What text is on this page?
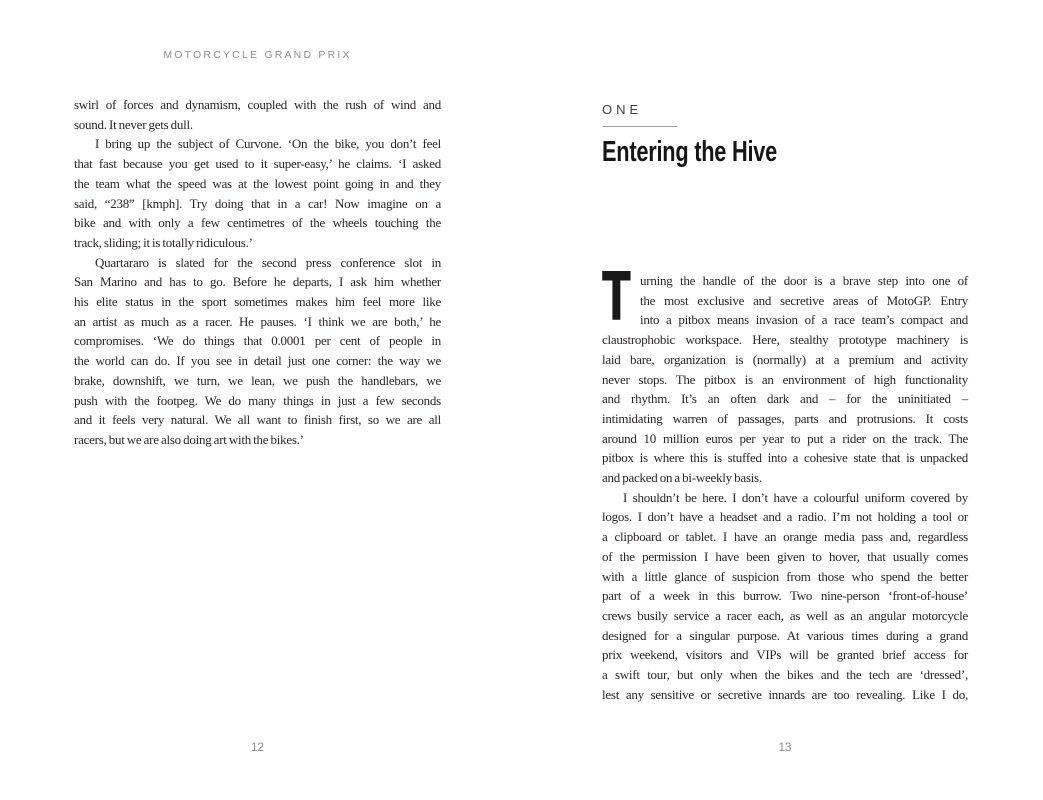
MOTORCYCLE GRAND PRIX
swirl of forces and dynamism, coupled with the rush of wind and
sound. It never gets dull.
I bring up the subject of Curvone. ‘On the bike, you don’t feel
that fast because you get used to it super-easy,’ he claims. ‘I asked
the team what the speed was at the lowest point going in and they
said, “238” [kmph]. Try doing that in a car! Now imagine on a
bike and with only a few centimetres of the wheels touching the
track, sliding; it is totally ridiculous.’
Quartararo is slated for the second press conference slot in
San Marino and has to go. Before he departs, I ask him whether
his elite status in the sport sometimes makes him feel more like
an artist as much as a racer. He pauses. ‘I think we are both,’ he
compromises. ‘We do things that 0.0001 per cent of people in
the world can do. If you see in detail just one corner: the way we
brake, downshift, we turn, we lean, we push the handlebars, we
push with the footpeg. We do many things in just a few seconds
and it feels very natural. We all want to finish first, so we are all
racers, but we are also doing art with the bikes.’
12
ONE
Entering the Hive
T urning the handle of the door is a brave step into one of
the most exclusive and secretive areas of MotoGP. Entry
into a pitbox means invasion of a race team’s compact and
claustrophobic workspace. Here, stealthy prototype machinery is
laid bare, organization is (normally) at a premium and activity
never stops. The pitbox is an environment of high functionality
and rhythm. It’s an often dark and – for the uninitiated –
intimidating warren of passages, parts and protrusions. It costs
around 10 million euros per year to put a rider on the track. The
pitbox is where this is stuffed into a cohesive state that is unpacked
and packed on a bi-weekly basis.
I shouldn’t be here. I don’t have a colourful uniform covered by
logos. I don’t have a headset and a radio. I’m not holding a tool or
a clipboard or tablet. I have an orange media pass and, regardless
of the permission I have been given to hover, that usually comes
with a little glance of suspicion from those who spend the better
part of a week in this burrow. Two nine-person ‘front-of-house’
crews busily service a racer each, as well as an angular motorcycle
designed for a singular purpose. At various times during a grand
prix weekend, visitors and VIPs will be granted brief access for
a swift tour, but only when the bikes and the tech are ‘dressed’,
lest any sensitive or secretive innards are too revealing. Like I do,
13
